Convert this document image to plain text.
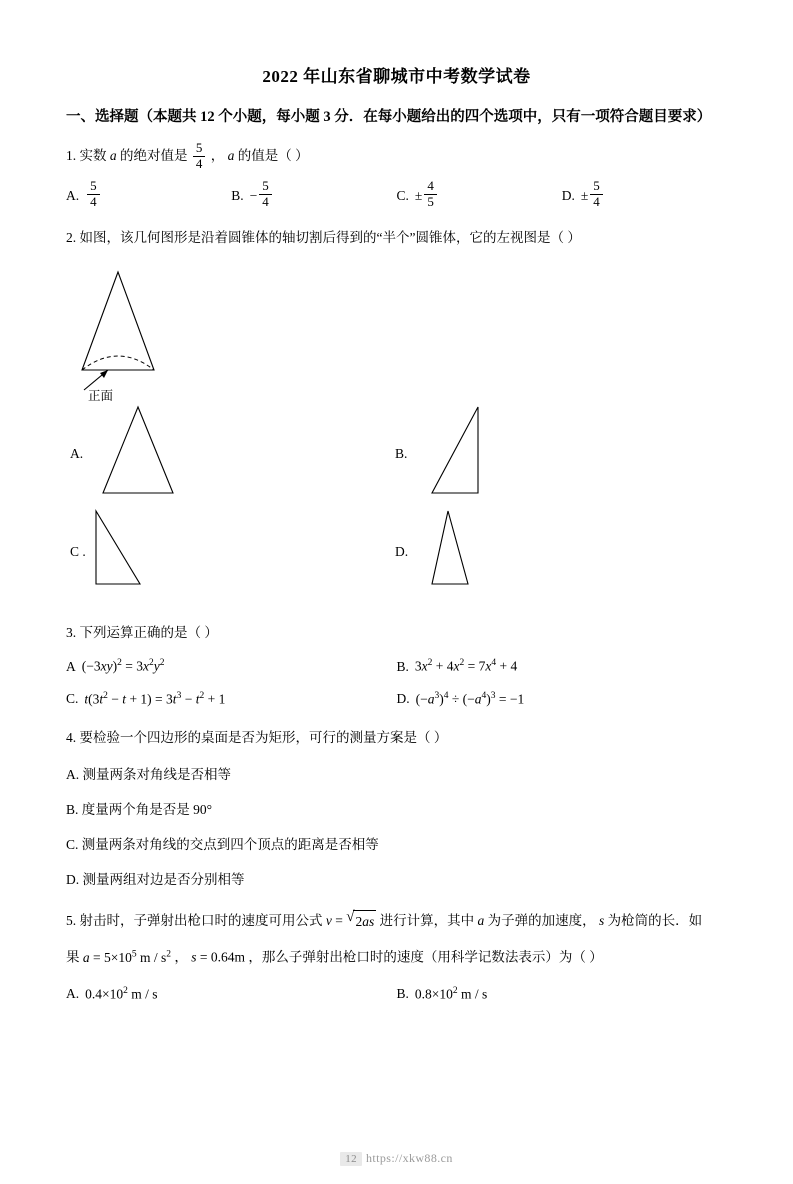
2022 年山东省聊城市中考数学试卷
一、选择题（本题共 12 个小题，每小题 3 分．在每小题给出的四个选项中，只有一项符合题目要求）
1. 实数 a 的绝对值是 $\frac{5}{4}$ ， a 的值是（ ）
A. $\frac{5}{4}$	B. − $\frac{5}{4}$	C. ± $\frac{4}{5}$	D. ± $\frac{5}{4}$
2. 如图，该几何图形是沿着圆锥体的轴切割后得到的“半个”圆锥体，它的左视图是（ ）
正面
A.	B.
C .	D.
3. 下列运算正确的是（ ）
A $(-3xy)^2 = 3x^2y^2$	B. $3x^2 + 4x^2 = 7x^4 + 4$
C. $t(3t^2 - t + 1) = 3t^3 - t^2 + 1$	D. $(-a^3)^4 \div (-a^4)^3 = -1$
4. 要检验一个四边形的桌面是否为矩形，可行的测量方案是（ ）
A. 测量两条对角线是否相等
B. 度量两个角是否是 90°
C. 测量两条对角线的交点到四个顶点的距离是否相等
D. 测量两组对边是否分别相等
5. 射击时，子弹射出枪口时的速度可用公式 v = √ 2as 进行计算，其中 a 为子弹的加速度， s 为枪筒的长．如
果 $a = 5\times 10^5$ m / $s^2$ ， s = 0.64m ，那么子弹射出枪口时的速度（用科学记数法表示）为（ ）
A. $0.4\times 10^2$ m / s	B. $0.8\times 10^2$ m / s
12 https://xkw88.cn
